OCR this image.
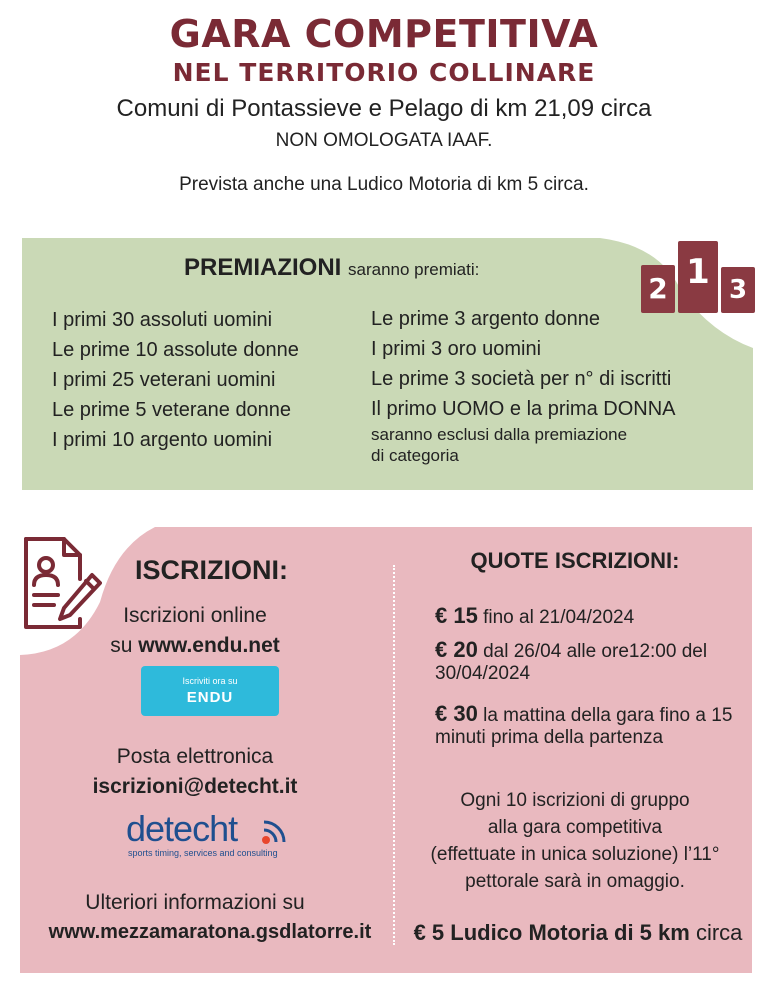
GARA COMPETITIVA
NEL TERRITORIO COLLINARE
Comuni di Pontassieve e Pelago di km 21,09 circa
NON OMOLOGATA IAAF.
Prevista anche una Ludico Motoria di km 5 circa.
PREMIAZIONI saranno premiati:
2 1 3
I primi 30 assoluti uomini
Le prime 10 assolute donne
I primi 25 veterani uomini
Le prime 5 veterane donne
I primi 10 argento uomini
Le prime 3 argento donne
I primi 3 oro uomini
Le prime 3 società per n° di iscritti
Il primo UOMO e la prima DONNA
saranno esclusi dalla premiazione
di categoria
ISCRIZIONI:
Iscrizioni online
su www.endu.net
Iscriviti ora su
ENDU
Posta elettronica
iscrizioni@detecht.it
detecht
sports timing, services and consulting
Ulteriori informazioni su
www.mezzamaratona.gsdlatorre.it
QUOTE ISCRIZIONI:
€ 15 fino al 21/04/2024
€ 20 dal 26/04 alle ore12:00 del 30/04/2024
€ 30 la mattina della gara fino a 15 minuti prima della partenza
Ogni 10 iscrizioni di gruppo
alla gara competitiva
(effettuate in unica soluzione) l’11°
pettorale sarà in omaggio.
€ 5 Ludico Motoria di 5 km circa
